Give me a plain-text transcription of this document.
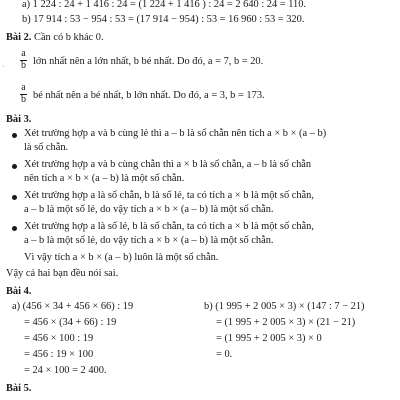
a) 1 224 : 24 + 1 416 : 24 = (1 224 + 1 416 ) : 24 = 2 640 : 24 = 110.
b) 17 914 : 53 − 954 : 53 = (17 914 − 954) : 53 = 16 960 : 53 = 320.
Bài 2. Cần có b khác 0.
· $\frac{a}{b}$ lớn nhất nên a lớn nhất, b bé nhất. Do đó, a = 7, b = 20.
$\frac{a}{b}$ bé nhất nên a bé nhất, b lớn nhất. Do đó, a = 3, b = 173.
Bài 3.
Xét trường hợp a và b cùng lẻ thì a – b là số chẵn nên tích a × b × (a – b)
là số chẵn.
Xét trường hợp a và b cùng chẵn thì a × b là số chẵn, a – b là số chẵn
nên tích a × b × (a – b) là một số chẵn.
Xét trường hợp a là số chẵn, b là số lẻ, ta có tích a × b là một số chẵn,
a – b là một số lẻ, do vậy tích a × b × (a – b) là một số chẵn.
Xét trường hợp a là số lẻ, b là số chẵn, ta có tích a × b là một số chẵn,
a – b là một số lẻ, do vậy tích a × b × (a – b) là một số chẵn.
Vì vậy tích a × b × (a – b) luôn là một số chẵn.
Vậy cả hai bạn đều nói sai.
Bài 4.
a) (456 × 34 + 456 × 66) : 19
= 456 × (34 + 66) : 19
= 456 × 100 : 19
= 456 : 19 × 100
= 24 × 100 = 2 400.
b) (1 995 + 2 005 × 3) × (147 : 7 − 21)
= (1 995 + 2 005 × 3) × (21 − 21)
= (1 995 + 2 005 × 3) × 0
= 0.
Bài 5.
